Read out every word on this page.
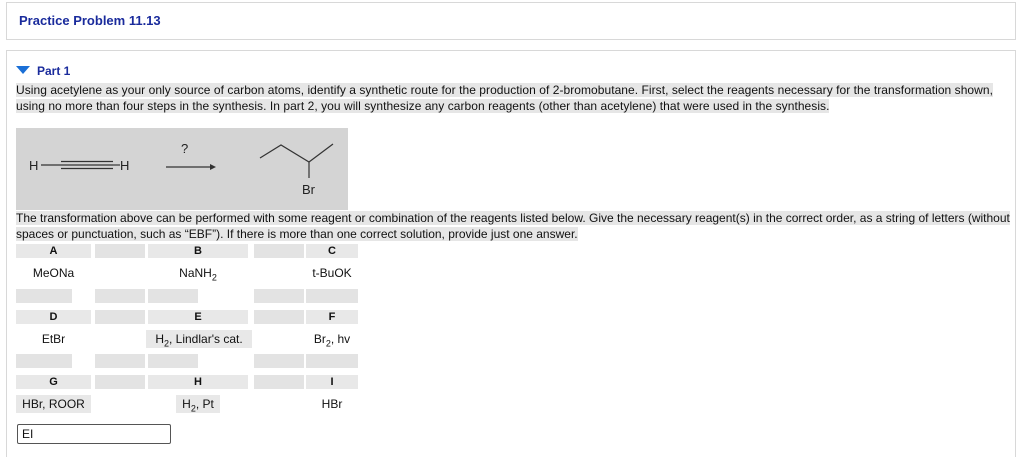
Practice Problem 11.13
Part 1
Using acetylene as your only source of carbon atoms, identify a synthetic route for the production of 2-bromobutane. First, select the reagents necessary for the transformation shown, using no more than four steps in the synthesis. In part 2, you will synthesize any carbon reagents (other than acetylene) that were used in the synthesis.
H	H
?
Br
The transformation above can be performed with some reagent or combination of the reagents listed below. Give the necessary reagent(s) in the correct order, as a string of letters (without spaces or punctuation, such as “EBF”). If there is more than one correct solution, provide just one answer.
A	B	C
MeONa	NaNH$_2$	t-BuOK
D	E	F
EtBr	$H_2$, Lindlar's cat.	$Br_2$, hv
G	H	I
HBr, ROOR	$H_2$, Pt	HBr
EI
